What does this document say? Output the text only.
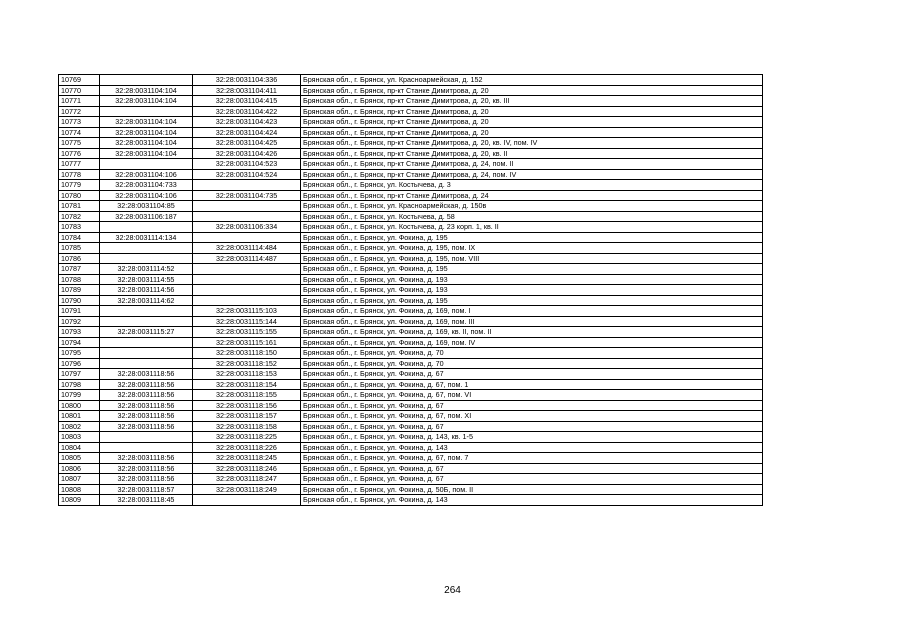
10769		32:28:0031104:336	Брянская обл., г. Брянск, ул. Красноармейская, д. 152
10770	32:28:0031104:104	32:28:0031104:411	Брянская обл., г. Брянск, пр-кт Станке Димитрова, д. 20
10771	32:28:0031104:104	32:28:0031104:415	Брянская обл., г. Брянск, пр-кт Станке Димитрова, д. 20, кв. III
10772		32:28:0031104:422	Брянская обл., г. Брянск, пр-кт Станке Димитрова, д. 20
10773	32:28:0031104:104	32:28:0031104:423	Брянская обл., г. Брянск, пр-кт Станке Димитрова, д. 20
10774	32:28:0031104:104	32:28:0031104:424	Брянская обл., г. Брянск, пр-кт Станке Димитрова, д. 20
10775	32:28:0031104:104	32:28:0031104:425	Брянская обл., г. Брянск, пр-кт Станке Димитрова, д. 20, кв. IV, пом. IV
10776	32:28:0031104:104	32:28:0031104:426	Брянская обл., г. Брянск, пр-кт Станке Димитрова, д. 20, кв. II
10777		32:28:0031104:523	Брянская обл., г. Брянск, пр-кт Станке Димитрова, д. 24, пом. II
10778	32:28:0031104:106	32:28:0031104:524	Брянская обл., г. Брянск, пр-кт Станке Димитрова, д. 24, пом. IV
10779	32:28:0031104:733		Брянская обл., г. Брянск, ул. Костычева, д. 3
10780	32:28:0031104:106	32:28:0031104:735	Брянская обл., г. Брянск, пр-кт Станке Димитрова, д. 24
10781	32:28:0031104:85		Брянская обл., г. Брянск, ул. Красноармейская, д. 150в
10782	32:28:0031106:187		Брянская обл., г. Брянск, ул. Костычева, д. 58
10783		32:28:0031106:334	Брянская обл., г. Брянск, ул. Костычева, д. 23 корп. 1, кв. II
10784	32:28:0031114:134		Брянская обл., г. Брянск, ул. Фокина, д. 195
10785		32:28:0031114:484	Брянская обл., г. Брянск, ул. Фокина, д. 195, пом. IX
10786		32:28:0031114:487	Брянская обл., г. Брянск, ул. Фокина, д. 195, пом. VIII
10787	32:28:0031114:52		Брянская обл., г. Брянск, ул. Фокина, д. 195
10788	32:28:0031114:55		Брянская обл., г. Брянск, ул. Фокина, д. 193
10789	32:28:0031114:56		Брянская обл., г. Брянск, ул. Фокина, д. 193
10790	32:28:0031114:62		Брянская обл., г. Брянск, ул. Фокина, д. 195
10791		32:28:0031115:103	Брянская обл., г. Брянск, ул. Фокина, д. 169, пом. I
10792		32:28:0031115:144	Брянская обл., г. Брянск, ул. Фокина, д. 169, пом. III
10793	32:28:0031115:27	32:28:0031115:155	Брянская обл., г. Брянск, ул. Фокина, д. 169, кв. II, пом. II
10794		32:28:0031115:161	Брянская обл., г. Брянск, ул. Фокина, д. 169, пом. IV
10795		32:28:0031118:150	Брянская обл., г. Брянск, ул. Фокина, д. 70
10796		32:28:0031118:152	Брянская обл., г. Брянск, ул. Фокина, д. 70
10797	32:28:0031118:56	32:28:0031118:153	Брянская обл., г. Брянск, ул. Фокина, д. 67
10798	32:28:0031118:56	32:28:0031118:154	Брянская обл., г. Брянск, ул. Фокина, д. 67, пом. 1
10799	32:28:0031118:56	32:28:0031118:155	Брянская обл., г. Брянск, ул. Фокина, д. 67, пом. VI
10800	32:28:0031118:56	32:28:0031118:156	Брянская обл., г. Брянск, ул. Фокина, д. 67
10801	32:28:0031118:56	32:28:0031118:157	Брянская обл., г. Брянск, ул. Фокина, д. 67, пом. XI
10802	32:28:0031118:56	32:28:0031118:158	Брянская обл., г. Брянск, ул. Фокина, д. 67
10803		32:28:0031118:225	Брянская обл., г. Брянск, ул. Фокина, д. 143, кв. 1-5
10804		32:28:0031118:226	Брянская обл., г. Брянск, ул. Фокина, д. 143
10805	32:28:0031118:56	32:28:0031118:245	Брянская обл., г. Брянск, ул. Фокина, д. 67, пом. 7
10806	32:28:0031118:56	32:28:0031118:246	Брянская обл., г. Брянск, ул. Фокина, д. 67
10807	32:28:0031118:56	32:28:0031118:247	Брянская обл., г. Брянск, ул. Фокина, д. 67
10808	32:28:0031118:57	32:28:0031118:249	Брянская обл., г. Брянск, ул. Фокина, д. 50Б, пом. II
10809	32:28:0031118:45		Брянская обл., г. Брянск, ул. Фокина, д. 143
264
